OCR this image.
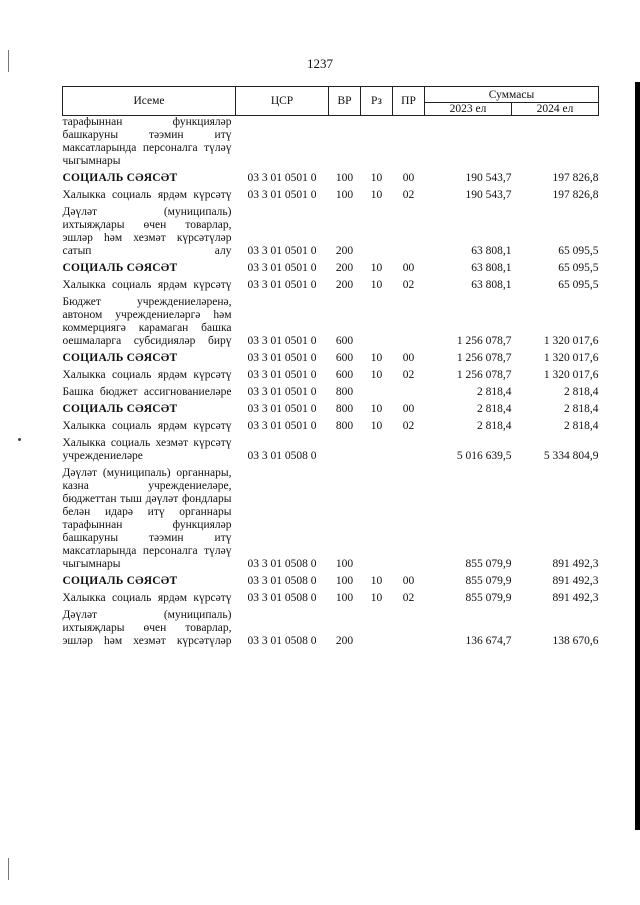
1237
Исеме	ЦСР	ВР	Рз	ПР	Суммасы	
					2023 ел	2024 ел
тарафыннан функцияләр башкаруны тәэмин итү максатларында персоналга түләү чыгымнары						
СОЦИАЛЬ СӘЯСӘТ	03 3 01 0501 0	100	10	00	190 543,7	197 826,8
Халыкка социаль ярдәм күрсәтү	03 3 01 0501 0	100	10	02	190 543,7	197 826,8
Дәүләт (муниципаль) ихтыяҗлары өчен товарлар, эшләр һәм хезмәт күрсәтүләр сатып алу	03 3 01 0501 0	200			63 808,1	65 095,5
СОЦИАЛЬ СӘЯСӘТ	03 3 01 0501 0	200	10	00	63 808,1	65 095,5
Халыкка социаль ярдәм күрсәтү	03 3 01 0501 0	200	10	02	63 808,1	65 095,5
Бюджет учреждениеләренә, автоном учреждениеләргә һәм коммерциягә карамаган башка оешмаларга субсидияләр бирү	03 3 01 0501 0	600			1 256 078,7	1 320 017,6
СОЦИАЛЬ СӘЯСӘТ	03 3 01 0501 0	600	10	00	1 256 078,7	1 320 017,6
Халыкка социаль ярдәм күрсәтү	03 3 01 0501 0	600	10	02	1 256 078,7	1 320 017,6
Башка бюджет ассигнованиеләре	03 3 01 0501 0	800			2 818,4	2 818,4
СОЦИАЛЬ СӘЯСӘТ	03 3 01 0501 0	800	10	00	2 818,4	2 818,4
Халыкка социаль ярдәм күрсәтү	03 3 01 0501 0	800	10	02	2 818,4	2 818,4
Халыкка социаль хезмәт күрсәтү учреждениеләре	03 3 01 0508 0				5 016 639,5	5 334 804,9
Дәүләт (муниципаль) органнары, казна учреждениеләре, бюджеттан тыш дәүләт фондлары белән идарә итү органнары тарафыннан функцияләр башкаруны тәэмин итү максатларында персоналга түләү чыгымнары	03 3 01 0508 0	100			855 079,9	891 492,3
СОЦИАЛЬ СӘЯСӘТ	03 3 01 0508 0	100	10	00	855 079,9	891 492,3
Халыкка социаль ярдәм күрсәтү	03 3 01 0508 0	100	10	02	855 079,9	891 492,3
Дәүләт (муниципаль) ихтыяҗлары өчен товарлар, эшләр һәм хезмәт күрсәтүләр	03 3 01 0508 0	200			136 674,7	138 670,6
